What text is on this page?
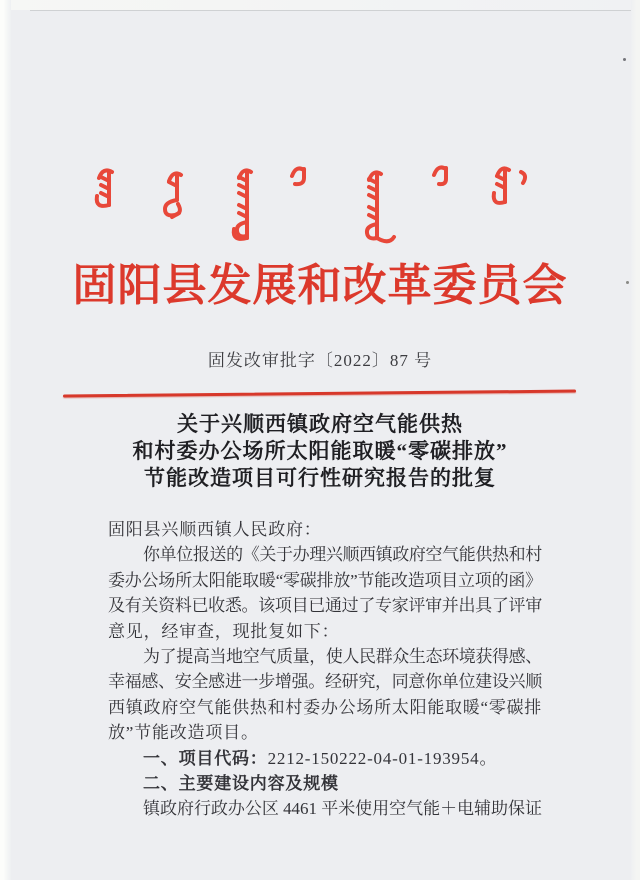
固阳县发展和改革委员会
固发改审批字〔2022〕87 号
关于兴顺西镇政府空气能供热
和村委办公场所太阳能取暖“零碳排放”
节能改造项目可行性研究报告的批复
固阳县兴顺西镇人民政府：
你单位报送的《关于办理兴顺西镇政府空气能供热和村
委办公场所太阳能取暖“零碳排放”节能改造项目立项的函》
及有关资料已收悉。该项目已通过了专家评审并出具了评审
意见，经审查，现批复如下：
为了提高当地空气质量，使人民群众生态环境获得感、
幸福感、安全感进一步增强。经研究，同意你单位建设兴顺
西镇政府空气能供热和村委办公场所太阳能取暖“零碳排
放”节能改造项目。
一、项目代码：2212-150222-04-01-193954。
二、主要建设内容及规模
镇政府行政办公区 4461 平米使用空气能＋电辅助保证
